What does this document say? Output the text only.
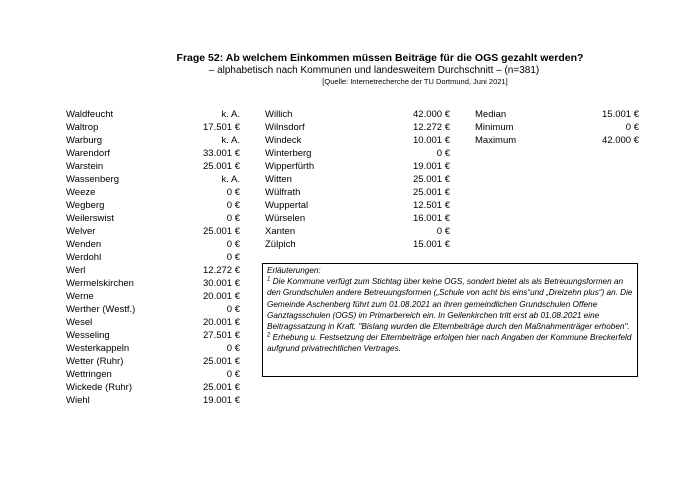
Frage 52: Ab welchem Einkommen müssen Beiträge für die OGS gezahlt werden?
– alphabetisch nach Kommunen und landesweitem Durchschnitt – (n=381)
[Quelle: Internetrecherche der TU Dortmund, Juni 2021]
Waldfeucht	k. A.
Waltrop	17.501 €
Warburg	k. A.
Warendorf	33.001 €
Warstein	25.001 €
Wassenberg	k. A.
Weeze	0 €
Wegberg	0 €
Weilerswist	0 €
Welver	25.001 €
Wenden	0 €
Werdohl	0 €
Werl	12.272 €
Wermelskirchen	30.001 €
Werne	20.001 €
Werther (Westf.)	0 €
Wesel	20.001 €
Wesseling	27.501 €
Westerkappeln	0 €
Wetter (Ruhr)	25.001 €
Wettringen	0 €
Wickede (Ruhr)	25.001 €
Wiehl	19.001 €
Willich	42.000 €
Wilnsdorf	12.272 €
Windeck	10.001 €
Winterberg	0 €
Wipperfürth	19.001 €
Witten	25.001 €
Wülfrath	25.001 €
Wuppertal	12.501 €
Würselen	16.001 €
Xanten	0 €
Zülpich	15.001 €
Median	15.001 €
Minimum	0 €
Maximum	42.000 €

Erläuterungen:

$^1$ Die Kommune verfügt zum Stichtag über keine OGS, sondert bietet als als Betreuungsformen an den Grundschulen andere Betreuungsformen („Schule von acht bis eins“und „Dreizehn plus“) an. Die Gemeinde Aschenberg führt zum 01.08.2021 an ihren gemeindlichen Grundschulen Offene Ganztagsschulen (OGS) im Primarbereich ein. In Geilenkirchen tritt erst ab 01.08.2021 eine Beitragssatzung in Kraft. "Bislang wurden die Elternbeiträge durch den Maßnahmenträger erhoben".

$^2$ Erhebung u. Festsetzung der Elternbeiträge erfolgen hier nach Angaben der Kommune Breckerfeld aufgrund privatrechtlichen Vertrages.
